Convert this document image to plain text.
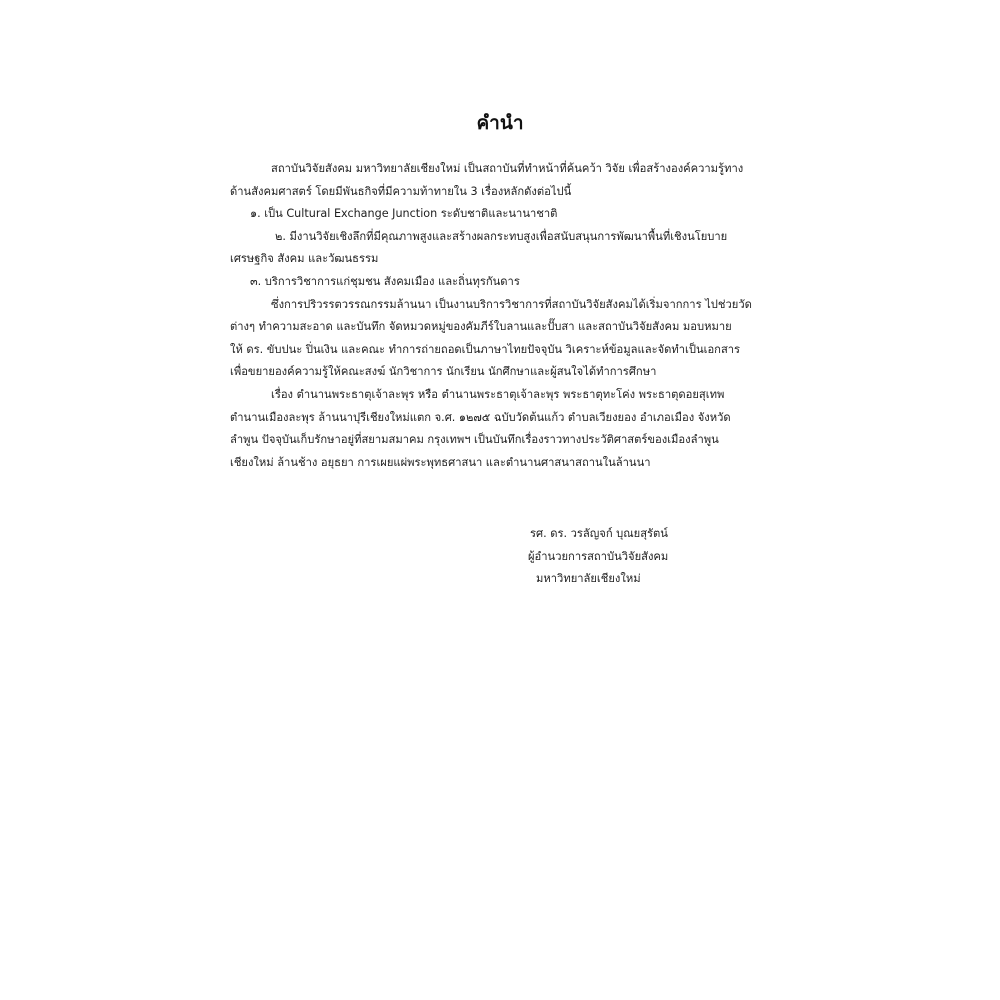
คำนำ
สถาบันวิจัยสังคม มหาวิทยาลัยเชียงใหม่ เป็นสถาบันที่ทำหน้าที่ค้นคว้า วิจัย เพื่อสร้างองค์ความรู้ทาง
ด้านสังคมศาสตร์ โดยมีพันธกิจที่มีความท้าทายใน 3 เรื่องหลักดังต่อไปนี้
๑. เป็น Cultural Exchange Junction ระดับชาติและนานาชาติ
๒. มีงานวิจัยเชิงลึกที่มีคุณภาพสูงและสร้างผลกระทบสูงเพื่อสนับสนุนการพัฒนาพื้นที่เชิงนโยบาย
เศรษฐกิจ สังคม และวัฒนธรรม
๓. บริการวิชาการแก่ชุมชน สังคมเมือง และถิ่นทุรกันดาร
ซึ่งการปริวรรตวรรณกรรมล้านนา เป็นงานบริการวิชาการที่สถาบันวิจัยสังคมได้เริ่มจากการ ไปช่วยวัด
ต่างๆ ทำความสะอาด และบันทึก จัดหมวดหมู่ของคัมภีร์ใบลานและปั๊บสา และสถาบันวิจัยสังคม มอบหมาย
ให้ ดร. ขับปนะ ปิ่นเงิน และคณะ ทำการถ่ายถอดเป็นภาษาไทยปัจจุบัน วิเคราะห์ข้อมูลและจัดทำเป็นเอกสาร
เพื่อขยายองค์ความรู้ให้คณะสงฆ์ นักวิชาการ นักเรียน นักศึกษาและผู้สนใจได้ทำการศึกษา
เรื่อง ตำนานพระธาตุเจ้าละพุร หรือ ตำนานพระธาตุเจ้าละพุร พระธาตุทะโค่ง พระธาตุดอยสุเทพ
ตำนานเมืองละพุร ล้านนาปุรีเชียงใหม่แตก จ.ศ. ๑๒๗๕ ฉบับวัดต้นแก้ว ตำบลเวียงยอง อำเภอเมือง จังหวัด
ลำพูน ปัจจุบันเก็บรักษาอยู่ที่สยามสมาคม กรุงเทพฯ เป็นบันทึกเรื่องราวทางประวัติศาสตร์ของเมืองลำพูน
เชียงใหม่ ล้านช้าง อยุธยา การเผยแผ่พระพุทธศาสนา และตำนานศาสนาสถานในล้านนา
รศ. ดร. วรลัญจก์ บุณยสุรัตน์
ผู้อำนวยการสถาบันวิจัยสังคม
มหาวิทยาลัยเชียงใหม่
